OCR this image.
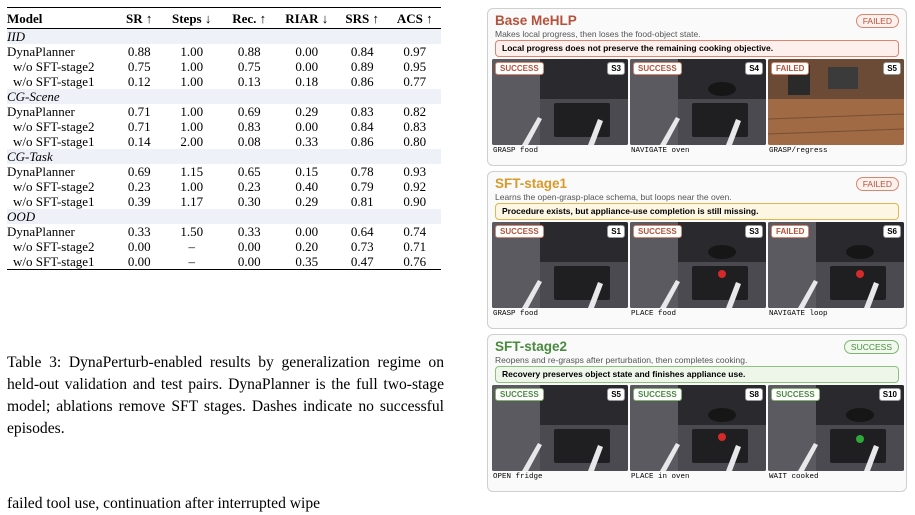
Model	SR ↑	Steps ↓	Rec. ↑	RIAR ↓	SRS ↑	ACS ↑
IID						
DynaPlanner	0.88	1.00	0.88	0.00	0.84	0.97
w/o SFT-stage2	0.75	1.00	0.75	0.00	0.89	0.95
w/o SFT-stage1	0.12	1.00	0.13	0.18	0.86	0.77
CG-Scene						
DynaPlanner	0.71	1.00	0.69	0.29	0.83	0.82
w/o SFT-stage2	0.71	1.00	0.83	0.00	0.84	0.83
w/o SFT-stage1	0.14	2.00	0.08	0.33	0.86	0.80
CG-Task						
DynaPlanner	0.69	1.15	0.65	0.15	0.78	0.93
w/o SFT-stage2	0.23	1.00	0.23	0.40	0.79	0.92
w/o SFT-stage1	0.39	1.17	0.30	0.29	0.81	0.90
OOD						
DynaPlanner	0.33	1.50	0.33	0.00	0.64	0.74
w/o SFT-stage2	0.00	–	0.00	0.20	0.73	0.71
w/o SFT-stage1	0.00	–	0.00	0.35	0.47	0.76
Table 3: DynaPerturb-enabled results by generalization regime on held-out validation and test pairs. DynaPlanner is the full two-stage model; ablations remove SFT stages. Dashes indicate no successful episodes.
failed tool use, continuation after interrupted wipe
Base MeHLP	FAILED
Makes local progress, then loses the food-object state.
Local progress does not preserve the remaining cooking objective.
SUCCESS	S3
GRASP food
SUCCESS	S4
NAVIGATE oven
FAILED	S5
GRASP/regress
SFT-stage1	FAILED
Learns the open-grasp-place schema, but loops near the oven.
Procedure exists, but appliance-use completion is still missing.
SUCCESS	S1
GRASP food
SUCCESS	S3
PLACE food
FAILED	S6
NAVIGATE loop
SFT-stage2	SUCCESS
Reopens and re-grasps after perturbation, then completes cooking.
Recovery preserves object state and finishes appliance use.
SUCCESS	S5
OPEN fridge
SUCCESS	S8
PLACE in oven
SUCCESS	S10
WAIT cooked
